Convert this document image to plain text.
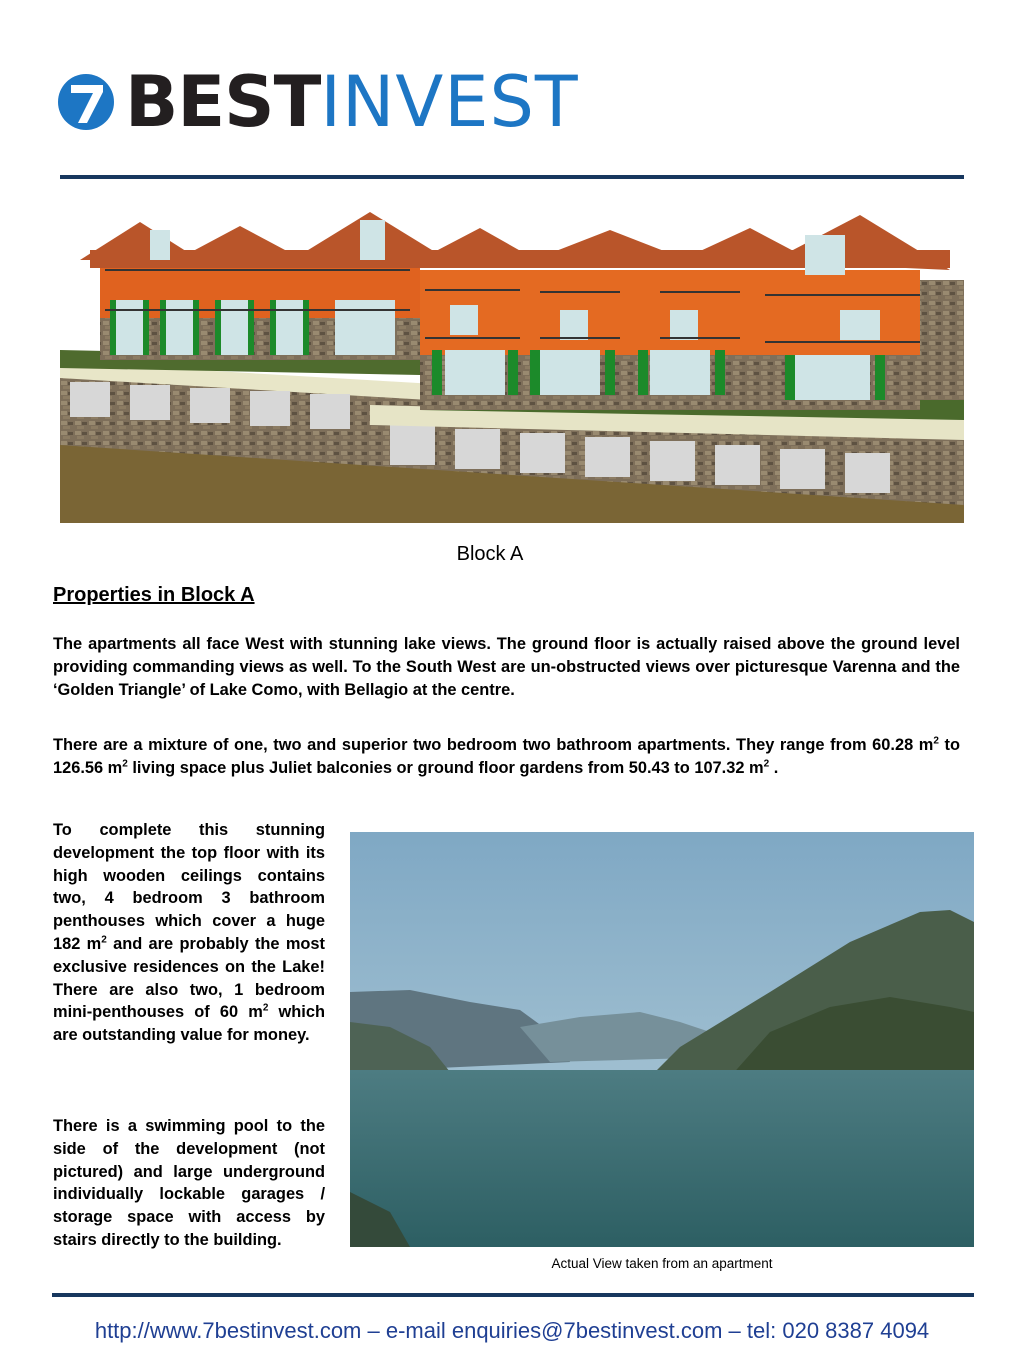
BESTINVEST
Block A
Properties in Block A
The apartments all face West with stunning lake views. The ground floor is actually raised above the ground level providing commanding views as well. To the South West are un-obstructed views over picturesque Varenna and the ‘Golden Triangle’ of Lake Como, with Bellagio at the centre.
There are a mixture of one, two and superior two bedroom two bathroom apartments. They range from 60.28 $m^2$ to 126.56 $m^2$ living space plus Juliet balconies or ground floor gardens from 50.43 to 107.32 $m^2$ .
To complete this stunning development the top floor with its high wooden ceilings contains two, 4 bedroom 3 bathroom penthouses which cover a huge 182 $m^2$ and are probably the most exclusive residences on the Lake! There are also two, 1 bedroom mini-penthouses of 60 $m^2$ which are outstanding value for money.
There is a swimming pool to the side of the development (not pictured) and large underground individually lockable garages / storage space with access by stairs directly to the building.
Actual View taken from an apartment
http://www.7bestinvest.com – e-mail enquiries@7bestinvest.com – tel: 020 8387 4094
